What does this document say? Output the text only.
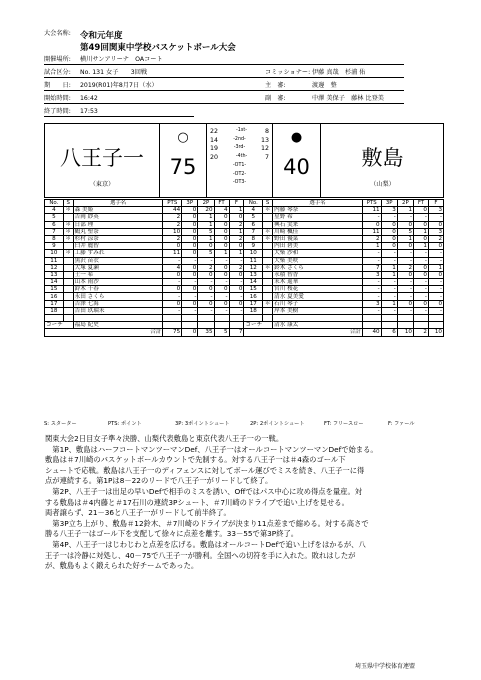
大会名称: 令和元年度
第49回関東中学校バスケットボール大会
開催場所: 横川サンアリーナ　OAコート
試合区分: No. 131 女子　　3回戦	コミッショナー: 伊藤 真哉　杉浦 佑
期　　日: 2019(R01)年8月7日（水）	主　審:	渡邊　整
開始時間: 16:42	副　審:	中澤 美保子　藤林 比登美
終了時間: 17:53
八王子一
（東京）
○
75
●
40	敷島
（山梨）
22	-1st-	8
14	-2nd- 13
19	-3rd-	12
20	-4th-	7
-OT1-
-OT2-
-OT3-
No.	S	選手名	PTS	3P	2P	FT	F	No.	S	選手名	PTS	3P	2P	FT	F
4	＊	森 美姫	44	0	20	4	1	4	＊	内藤 琴奈	11	3	1	0	3
5		吉岡 紗英	2	0	1	0	0	5		星野 希	-	-	-	-	-
6	＊	日部 理	2	0	1	0	2	6		興石 実来	0	0	0	0	0
7	＊	鶴丸 聖奈	10	0	5	0	1	7	＊	川崎 楓佳	11	0	5	1	3
8	＊	杉村 涼奈	2	0	1	0	2	8	＊	野田 優菜	2	0	1	0	2
9		臼井 麗智	0	0	0	0	0	9		内田 碧美	1	0	0	1	0
10	＊	工藤 すみれ	11	0	5	1	1	10		大柴 沙和	-	-	-	-	-
11		黒沢 苗衣	-	-	-	-	-	11		大柴 美咲	-	-	-	-	-
12		大塚 夏瀬	4	0	2	0	2	12	＊	鈴木 さくら	7	1	2	0	1
13		土一 希	0	0	0	0	0	13		永積 智香	3	1	0	0	0
14		山本 雨沙	-	-	-	-	-	14		末木 遥華	-	-	-	-	-
15		鈴木 千春	0	0	0	0	0	15		宮川 桜花	-	-	-	-	-
16		永田 さくら	-	-	-	-	-	16		清水 夏美愛	-	-	-	-	-
17		吉澤 七海	0	0	0	0	0	17	＊	石川 琴子	3	1	0	0	0
18		吉田 玖瑠未	-	-	-	-	-	18		岸本 美樹	-	-	-	-	-

コーチ		福島 紀史						コーチ		清水 康太					
合計			75	0	35	5	7	合計			40	6	10	2	10
S: スターター	PTS: ポイント	3P: 3ポイントシュート	2P: 2ポイントシュート	FT: フリースロー	F: ファール

関東大会2日目女子準々決勝、山梨代表敷島と東京代表八王子一の一戦。

　第1P、敷島はハーフコートマンツーマンDef、八王子一はオールコートマンツーマンDefで始まる。

敷島は＃7川崎のバスケットボールカウントで先制する。対する八王子一は＃4森のゴール下

シュートで応戦。敷島は八王子一のディフェンスに対してボール運びでミスを続き、八王子一に得

点が連続する。第1Pは8－22のリードで八王子一がリードして終了。

　第2P、八王子一は出足の早いDefで相手のミスを誘い、Offではパス中心に攻め得点を量産。対

する敷島は＃4内藤と＃17石川の連続3Pシュート、＃7川崎のドライブで追い上げを見せる。

両者譲らず、21－36と八王子一がリードして前半終了。

　第3P立ち上がり、敷島＃12鈴木、＃7川崎のドライブが決まり11点差まで縮める。対する高さで

勝る八王子一はゴール下を支配して徐々に点差を離す。33－55で第3P終了。

　第4P、八王子一はじわじわと点差を広げる。敷島はオールコートDefで追い上げをはかるが、八

王子一は冷静に対処し、40－75で八王子一が勝利。全国への切符を手に入れた。敗れはしたが

が、敷島もよく鍛えられた好チームであった。

埼玉県中学校体育連盟
